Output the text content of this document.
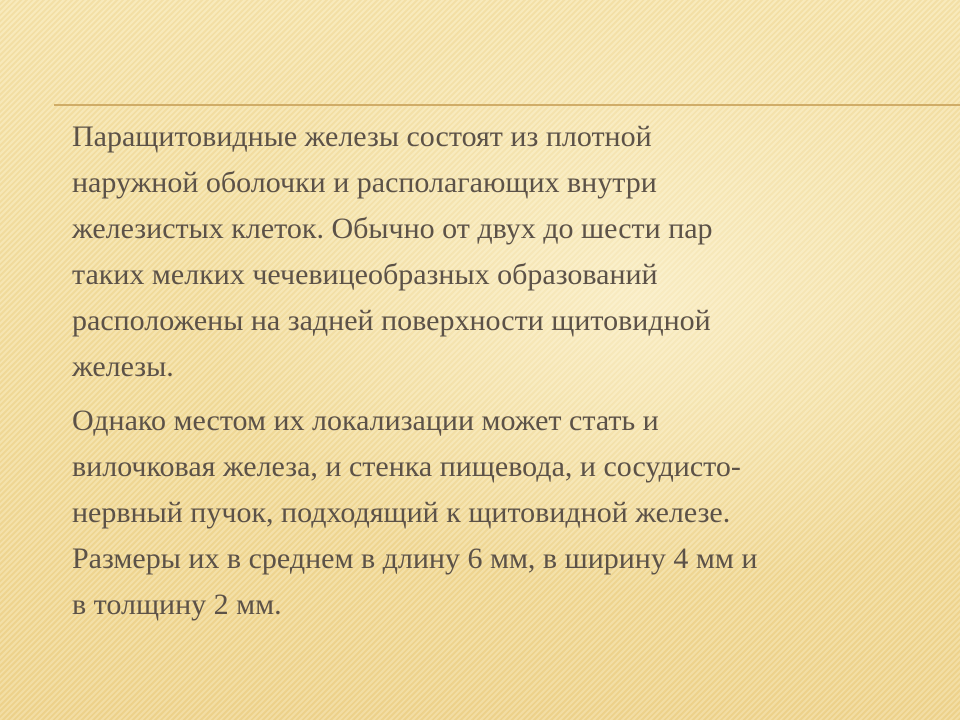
Паращитовидные железы состоят из плотной
наружной оболочки и располагающих внутри
железистых клеток. Обычно от двух до шести пар
таких мелких чечевицеобразных образований
расположены на задней поверхности щитовидной
железы.

Однако местом их локализации может стать и
вилочковая железа, и стенка пищевода, и сосудисто-
нервный пучок, подходящий к щитовидной железе.
Размеры их в среднем в длину 6 мм, в ширину 4 мм и
в толщину 2 мм.
